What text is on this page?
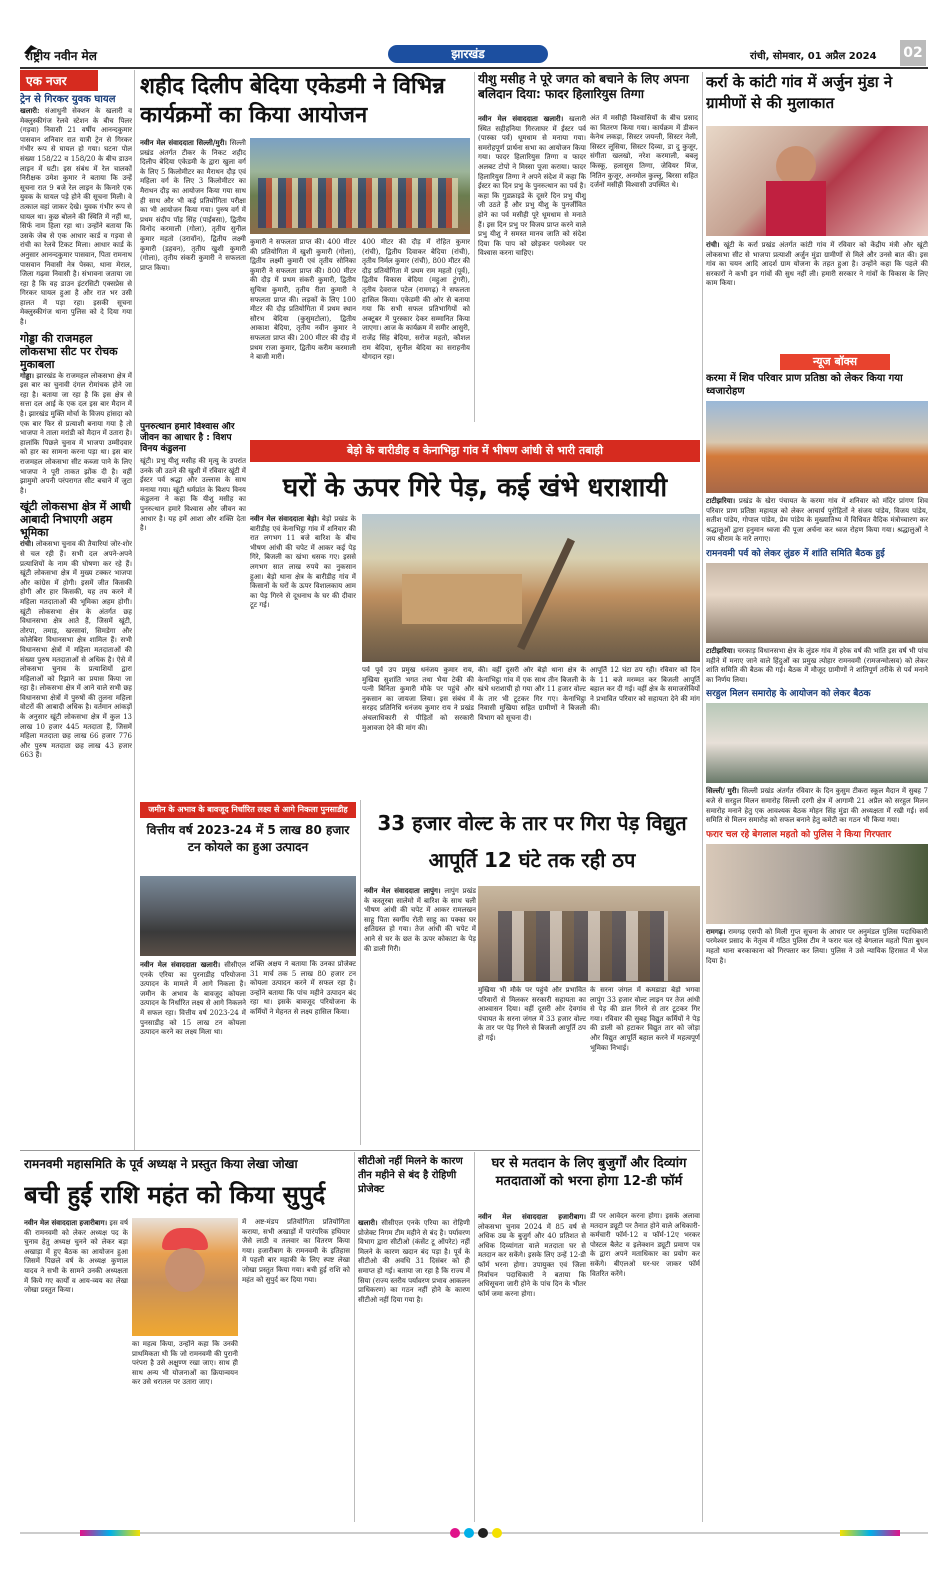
राष्ट्रीय नवीन मेल	झारखंड	रांची, सोमवार, 01 अप्रैल 2024 02
एक नजर
ट्रेन से गिरकर युवक घायल
खलारी: संआधुनी सेक्शन के खलारी व मेक्लुस्कीगंज रेलवे स्टेशन के बीच पिलर (गड़वा) निवासी 21 वर्षीय आनन्दकुमार पासवान शनिवार रात यात्री ट्रेन से गिरकर गंभीर रूप से घायल हो गया। घटना पोल संख्या 158/22 व 158/20 के बीच डाउन लाइन में घटी। इस संबंध में रेल चालकों निरीक्षक उमेश कुमार ने बताया कि उन्हें सूचना रात 9 बजे रेल लाइन के किनारे एक युवक के घायल पड़े होने की सूचना मिली। वे तत्काल वहां जाकर देखे। युवक गंभीर रूप से घायल था। कुछ बोलने की स्थिति में नहीं था, सिर्फ नाम हिला रहा था। उन्होंने बताया कि उसके जेब से एक आधार कार्ड व गड़वा से रांची का रेलवे टिकट मिला। आधार कार्ड के अनुसार आनन्दकुमार पासवान, पिता रामनाथ पासवान निवासी नेत्र पेस्का, थाना मेराल, जिला गढ़वा निवासी है। संभावना जताया जा रहा है कि वह डाउन इंटरसिटी एक्सप्रेस से गिरकर घायल हुआ है और रात भर उसी हालत में पड़ा रहा। इसकी सूचना मेक्लुस्कीगंज थाना पुलिस को दे दिया गया है।
गोड्डा की राजमहल लोकसभा सीट पर रोचक मुकाबला
गोड्डा। झारखंड के राजमहल लोकसभा क्षेत्र में इस बार का चुनावी दंगल रोमांचक होने जा रहा है। बताया जा रहा है कि इस क्षेत्र से सत्ता दल आई के एक दल इस बार मैदान में है। झारखंड मुक्ति मोर्चा के विजय हांसदा को एक बार फिर से प्रत्याशी बनाया गया है तो भाजपा ने ताला मरांडी को मैदान में उतारा है। हालांकि पिछले चुनाव में भाजपा उम्मीदवार को हार का सामना करना पड़ा था। इस बार राजमहल लोकसभा सीट कब्जा पाने के लिए भाजपा ने पूरी ताकत झोंक दी है। वहीं झामुमो अपनी परंपरागत सीट बचाने में जुटा है।
खूंटी लोकसभा क्षेत्र में आधी आबादी निभाएगी अहम भूमिका
रांची। लोकसभा चुनाव की तैयारियां जोर-शोर से चल रही हैं। सभी दल अपने-अपने प्रत्याशियों के नाम की घोषणा कर रहे हैं। खूंटी लोकसभा क्षेत्र में मुख्य टक्कर भाजपा और कांग्रेस में होगी। इसमें जीत किसकी होगी और हार किसकी, यह तय करने में महिला मतदाताओं की भूमिका अहम होगी। खूंटी लोकसभा क्षेत्र के अंतर्गत छह विधानसभा क्षेत्र आते हैं, जिसमें खूंटी, तोरपा, तमाड़, खरसावां, सिमडेगा और कोलेबिरा विधानसभा क्षेत्र शामिल हैं। सभी विधानसभा क्षेत्रों में महिला मतदाताओं की संख्या पुरुष मतदाताओं से अधिक है। ऐसे में लोकसभा चुनाव के प्रत्याशियों द्वारा महिलाओं को रिझाने का प्रयास किया जा रहा है। लोकसभा क्षेत्र में आने वाले सभी छह विधानसभा क्षेत्रों में पुरुषों की तुलना महिला वोटरों की आबादी अधिक है। वर्तमान आंकड़ों के अनुसार खूंटी लोकसभा क्षेत्र में कुल 13 लाख 10 हजार 445 मतदाता हैं, जिसमें महिला मतदाता छह लाख 66 हजार 776 और पुरुष मतदाता छह लाख 43 हजार 663 हैं।
शहीद दिलीप बेदिया एकेडमी ने विभिन्न कार्यक्रमों का किया आयोजन
नवीन मेल संवाददाता सिल्ली/मुरी। सिल्ली प्रखंड अंतर्गत टीकर के निकट शहीद दिलीप बेदिया एकेडमी के द्वारा खुला वर्ग के लिए 5 किलोमीटर का मैराथन दौड़ एवं महिला वर्ग के लिए 3 किलोमीटर का मैराथन दौड़ का आयोजन किया गया साथ ही साथ और भी कई प्रतियोगिता परीक्षा का भी आयोजन किया गया। पुरुष वर्ग में प्रथम संदीप पॉड़ सिंह (पाईबसा), द्वितीय विनोद करमाली (गोला), तृतीय सुनील कुमार महतो (उरावॉन), द्वितीय लक्ष्मी कुमारी (डहवन), तृतीय खुशी कुमारी (गोला), तृतीय संकरी कुमारी ने सफलता प्राप्त किया।
कुमारी ने सफलता प्राप्त की। 400 मीटर की प्रतियोगिता में खुशी कुमारी (गोला), द्वितीय लक्ष्मी कुमारी एवं तृतीय सोनिका कुमारी ने सफलता प्राप्त की। 800 मीटर की दौड़ में प्रथम संकरी कुमारी, द्वितीय सुचित्रा कुमारी, तृतीय रीता कुमारी ने सफलता प्राप्त की। लड़कों के लिए 100 मीटर की दौड़ प्रतियोगिता में प्रथम स्थान सौरभ बेदिया (कुसुमटोला), द्वितीय आकाश बेदिया, तृतीय नवीन कुमार ने सफलता प्राप्त की। 200 मीटर की दौड़ में प्रथम राजा कुमार, द्वितीय करीम करमाली ने बाजी मारी।
400 मीटर की दौड़ में रोहित कुमार (रांची), द्वितीय दिवाकर बेदिया (रांची), तृतीय निर्मल कुमार (रांची), 800 मीटर की दौड़ प्रतियोगिता में प्रथम राम महतो (पूर्व), द्वितीय विकास बेदिया (महुआ टुंगरी), तृतीय देवराज पटेल (रामगढ़) ने सफलता हासिल किया। एकेडमी की ओर से बताया गया कि सभी सफल प्रतिभागियों को अक्टूबर में पुरस्कार देकर सम्मानित किया जाएगा। आज के कार्यक्रम में समीर आसुरी, राजेंद्र सिंह बेदिया, सरोज महतो, कौशल राम बेदिया, सुनील बेदिया का सराहनीय योगदान रहा।
यीशु मसीह ने पूरे जगत को बचाने के लिए अपना बलिदान दिया: फादर हिलारियुस तिग्गा
नवीन मेल संवाददाता खलारी। खलारी स्थित सहीहनिया गिरजाघर में ईस्टर पर्व (पास्का पर्व) धूमधाम से मनाया गया। समरोहपूर्ण प्रार्थना सभा का आयोजन किया गया। फादर हिलारियुस तिग्गा व फादर अलबट टोपो ने मिस्सा पूजा कराया। फादर हिलारियुस तिग्गा ने अपने संदेश में कहा कि ईस्टर का दिन प्रभु के पुनरुत्थान का पर्व है। कहा कि गुडफ्राइडे के दूसरे दिन प्रभु यीशु जी उठते हैं और प्रभु यीशु के पुनर्जीवित होने का पर्व मसीही पूरे धूमधाम से मनाते हैं। इस दिन प्रभु पर विजय प्राप्त करने वाले प्रभु यीशु ने समस्त मानव जाति को संदेश दिया कि पाप को छोड़कर परमेश्वर पर विश्वास करना चाहिए।
अंत में मसीही विश्वासियों के बीच प्रसाद का वितरण किया गया। कार्यक्रम में डीकन केनेथ लकड़ा, सिस्टर जयन्ती, सिस्टर नेली, सिस्टर लूसिया, सिस्टर दिव्या, डा दु कुजूर, संगीता खलखो, नरेश करमाली, बबलू किस्कू, हलासुस तिग्गा, जेवियर मिंज, नितिन कुजूर, अनमोल कुल्लू, बिरसा सहित दर्जनों मसीही विश्वासी उपस्थित थे।
पुनरुत्थान हमारे विश्वास और जीवन का आधार है : विशप विनय कंडुलना
खूंटी। प्रभु यीशु मसीह की मृत्यु के उपरांत उनके जी उठने की खुशी में रविवार खूंटी में ईस्टर पर्व श्रद्धा और उल्लास के साथ मनाया गया। खूंटी धर्मप्रांत के बिशप विनय कंडुलना ने कहा कि यीशु मसीह का पुनरुत्थान हमारे विश्वास और जीवन का आधार है। यह हमें आशा और शक्ति देता है।
कर्रा के कांटी गांव में अर्जुन मुंडा ने ग्रामीणों से की मुलाकात
रांची। खूंटी के कर्रा प्रखंड अंतर्गत कांटी गांव में रविवार को केंद्रीय मंत्री और खूंटी लोकसभा सीट से भाजपा प्रत्याशी अर्जुन मुंडा ग्रामीणों से मिले और उनसे बात की। इस गांव का चयन आदि आदर्श ग्राम योजना के तहत हुआ है। उन्होंने कहा कि पहले की सरकारों ने कभी इन गांवों की सुध नहीं ली। हमारी सरकार ने गांवों के विकास के लिए काम किया।
न्यूज बॉक्स
करमा में शिव परिवार प्राण प्रतिष्ठा को लेकर किया गया ध्वजारोहण
टाटीझरिया। प्रखंड के खेरा पंचायत के करमा गांव में शनिवार को मंदिर प्रांगण शिव परिवार प्राण प्रतिष्ठा महायज्ञ को लेकर आचार्य पुरोहितों ने संजय पांडेय, विजय पांडेय, सतीश पांडेय, गोपाल पांडेय, प्रेम पांडेय के मुख्यातिथ्य में विधिवत वैदिक मंत्रोच्चारण कर श्रद्धालुओं द्वारा हनुमान ध्वजा की पूजा अर्चना कर ध्वज रोहण किया गया। श्रद्धालुओं ने जय श्रीराम के नारे लगाए।
रामनवमी पर्व को लेकर लुंडरु में शांति समिति बैठक हुई
टाटीझरिया। चरकाड़ विधानसभा क्षेत्र के लुंडरु गांव में हरेक वर्ष की भांति इस वर्ष भी पांच महीने में मनाए जाने वाले हिंदुओं का प्रमुख त्योहार रामनवमी (रामजन्मोत्सव) को लेकर शांति समिति की बैठक की गई। बैठक में मौजूद ग्रामीणों ने शांतिपूर्ण तरीके से पर्व मनाने का निर्णय लिया।
सरहुल मिलन समारोह के आयोजन को लेकर बैठक
सिल्ली/ मुरी। सिल्ली प्रखंड अंतर्गत रविवार के दिन कुसुम टीकरा स्कूल मैदान में सुबह 7 बजे से सरहुल मिलन समारोह सिल्ली दरगी क्षेत्र में आगामी 21 अप्रैल को सरहुल मिलन समारोह मनाने हेतु एक आवश्यक बैठक मोहन सिंह मुंडा की अध्यक्षता में रखी गई। सर्व समिति से मिलन समारोह को सफल बनाने हेतु कमेटी का गठन भी किया गया।
फरार चल रहे बेगलाल महतो को पुलिस ने किया गिरफ्तार
रामगढ़। रामगढ़ एसपी को मिली गुप्त सूचना के आधार पर अनुमंडल पुलिस पदाधिकारी परमेश्वर प्रसाद के नेतृत्व में गठित पुलिस टीम ने फरार चल रहे बेगलाल महतो पिता बुधन महतो थाना बरकाकाना को गिरफ्तार कर लिया। पुलिस ने उसे न्यायिक हिरासत में भेज दिया है।
बेड़ो के बारीडीह व केनाभिट्ठा गांव में भीषण आंधी से भारी तबाही
घरों के ऊपर गिरे पेड़, कई खंभे धराशायी
नवीन मेल संवाददाता बेड़ो। बेड़ो प्रखंड के बारीडीह एवं केनाभिट्ठा गांव में शनिवार की रात लगभग 11 बजे बारिश के बीच भीषण आंधी की चपेट में आकर कई पेड़ गिरे, बिजली का खंभा धसक गए। इससे लगभग सात लाख रुपये का नुकसान हुआ। बेड़ो थाना क्षेत्र के बारीडीह गांव में किसानों के घरों के ऊपर विशालकाय आम का पेड़ गिरने से दूधनाथ के घर की दीवार टूट गई।
पर्व पूर्व उप प्रमुख धनंजय कुमार राय, मुखिया सुशांति भगत तथा भैया टेकी की पत्नी बिनिता कुमारी मौके पर पहुंचे और नुकसान का जायजा लिया। इस संबंध में सरहद प्रतिनिधि धनंजय कुमार राय ने प्रखंड अंचलाधिकारी से पीड़ितों को सरकारी मुआवजा देने की मांग की।
की। वहीं दूसरी ओर बेड़ो थाना क्षेत्र के केनाभिट्ठा गांव में एक साथ तीन बिजली के खंभे धराशायी हो गया और 11 हजार वोल्ट के तार भी टूटकर गिर गए। केनाभिट्ठा निवासी मुखिया सहित ग्रामीणों ने बिजली विभाग को सूचना दी।
आपूर्ति 12 घंटा ठप रही। रविवार को दिन के 11 बजे मरम्मत कर बिजली आपूर्ति बहाल कर दी गई। वहीं क्षेत्र के समाजसेवियों ने प्रभावित परिवार को सहायता देने की मांग की।
जमीन के अभाव के बावजूद निर्धारित लक्ष्य से आगे निकला पुनसाडीह
वित्तीय वर्ष 2023-24 में 5 लाख 80 हजार टन कोयले का हुआ उत्पादन
नवीन मेल संवाददाता खलारी। सीसीएल एनके एरिया का पुरनाडीह परियोजना उत्पादन के मामले में आगे निकला है। जमीन के अभाव के बावजूद कोयला उत्पादन के निर्धारित लक्ष्य से आगे निकलने में सफल रहा। वित्तीय वर्ष 2023-24 में पुनसाडीह को 15 लाख टन कोयला उत्पादन करने का लक्ष्य मिला था।
शक्ति अक्षय ने बताया कि उनका प्रोजेक्ट 31 मार्च तक 5 लाख 80 हजार टन कोयला उत्पादन करने में सफल रहा है। उन्होंने बताया कि पांच महीने उत्पादन बंद रहा था। इसके बावजूद परियोजना के कर्मियों ने मेहनत से लक्ष्य हासिल किया।
33 हजार वोल्ट के तार पर गिरा पेड़ विद्युत आपूर्ति 12 घंटे तक रही ठप
नवीन मेल संवाददाता लापुंग। लापुंग प्रखंड के कस्तूरबा सालेमो में बारिश के साथ चली भीषण आंधी की चपेट में आकर रामलखन साहू पिता स्वर्गीय रोती साहू का पक्का घर क्षतिग्रस्त हो गया। तेज आंधी की चपेट में आने से घर के छत के ऊपर कोकाटा के पेड़ की डाली गिरी।
मुखिया भी मौके पर पहुंचे और प्रभावित परिवारों से मिलकर सरकारी सहायता का आश्वासन दिया। वहीं दूसरी ओर देवगांव पंचायत के सरना जंगल में 33 हजार वोल्ट के तार पर पेड़ गिरने से बिजली आपूर्ति ठप हो गई।
के सरना जंगल में कमडाडा बेड़ो भगवा लापुंग 33 हजार वोल्ट लाइन पर तेज आंधी से पेड़ की डाल गिरने से तार टूटकर गिर गया। रविवार की सुबह विद्युत कर्मियों ने पेड़ की डाली को हटाकर विद्युत तार को जोड़ा और विद्युत आपूर्ति बहाल करने में महत्वपूर्ण भूमिका निभाई।
रामनवमी महासमिति के पूर्व अध्यक्ष ने प्रस्तुत किया लेखा जोखा
बची हुई राशि महंत को किया सुपुर्द
नवीन मेल संवाददाता हजारीबाग। इस वर्ष की रामनवमी को लेकर अध्यक्ष पद के चुनाव हेतु अध्यक्ष चुनने को लेकर बड़ा अखाड़ा में हुए बैठक का आयोजन हुआ जिसमें पिछले वर्ष के अध्यक्ष कुणाल यादव ने सभी के सामने उनकी अध्यक्षता में किये गए कार्यों व आय-व्यय का लेखा जोखा प्रस्तुत किया।
का महत्व किया, उन्होंने कहा कि उनकी प्राथमिकता थी कि जो रामनवमी की पुरानी परंपरा है उसे अक्षुण्ण रखा जाए। साथ ही साथ अन्य भी योजनाओं का क्रियान्वयन कर उसे धरातल पर उतारा जाए।
में अष्ट-मंडप प्रतियोगिता प्रतियोगिता कराया, सभी अखाड़ों में पारंपरिक हथियार जैसे लाठी व तलवार का वितरण किया गया। हजारीबाग के रामनवमी के इतिहास में पहली बार महाकी के लिए स्पष्ट लेखा जोखा प्रस्तुत किया गया। बची हुई राशि को महंत को सुपुर्द कर दिया गया।
सीटीओ नहीं मिलने के कारण तीन महीने से बंद है रोहिणी प्रोजेक्ट
खलारी। सीसीएल एनके एरिया का रोहिणी प्रोजेक्ट निगम टीम महीने से बंद है। पर्यावरण विभाग द्वारा सीटीओ (कंसेंट टू ऑपरेट) नहीं मिलने के कारण खदान बंद पड़ा है। पूर्व के सीटीओ की अवधि 31 दिसंबर को ही समाप्त हो गई। बताया जा रहा है कि राज्य में सिया (राज्य स्तरीय पर्यावरण प्रभाव आकलन प्राधिकरण) का गठन नहीं होने के कारण सीटीओ नहीं दिया गया है।
घर से मतदान के लिए बुजुर्गों और दिव्यांग मतदाताओं को भरना होगा 12-डी फॉर्म
नवीन मेल संवाददाता हजारीबाग। लोकसभा चुनाव 2024 में 85 वर्ष से अधिक उम्र के बुजुर्ग और 40 प्रतिशत से अधिक दिव्यांगता वाले मतदाता घर से मतदान कर सकेंगे। इसके लिए उन्हें 12-डी फॉर्म भरना होगा। उपायुक्त एवं जिला निर्वाचन पदाधिकारी ने बताया कि अधिसूचना जारी होने के पांच दिन के भीतर फॉर्म जमा करना होगा।
डी पर आवेदन करना होगा। इसके अलावा मतदान ड्यूटी पर तैनात होने वाले अधिकारी-कर्मचारी फॉर्म-12 व फॉर्म-12ए भरकर पोस्टल बैलेट व इलेक्शन ड्यूटी प्रमाण पत्र के द्वारा अपने मताधिकार का प्रयोग कर सकेंगे। बीएलओ घर-घर जाकर फॉर्म वितरित करेंगे।
